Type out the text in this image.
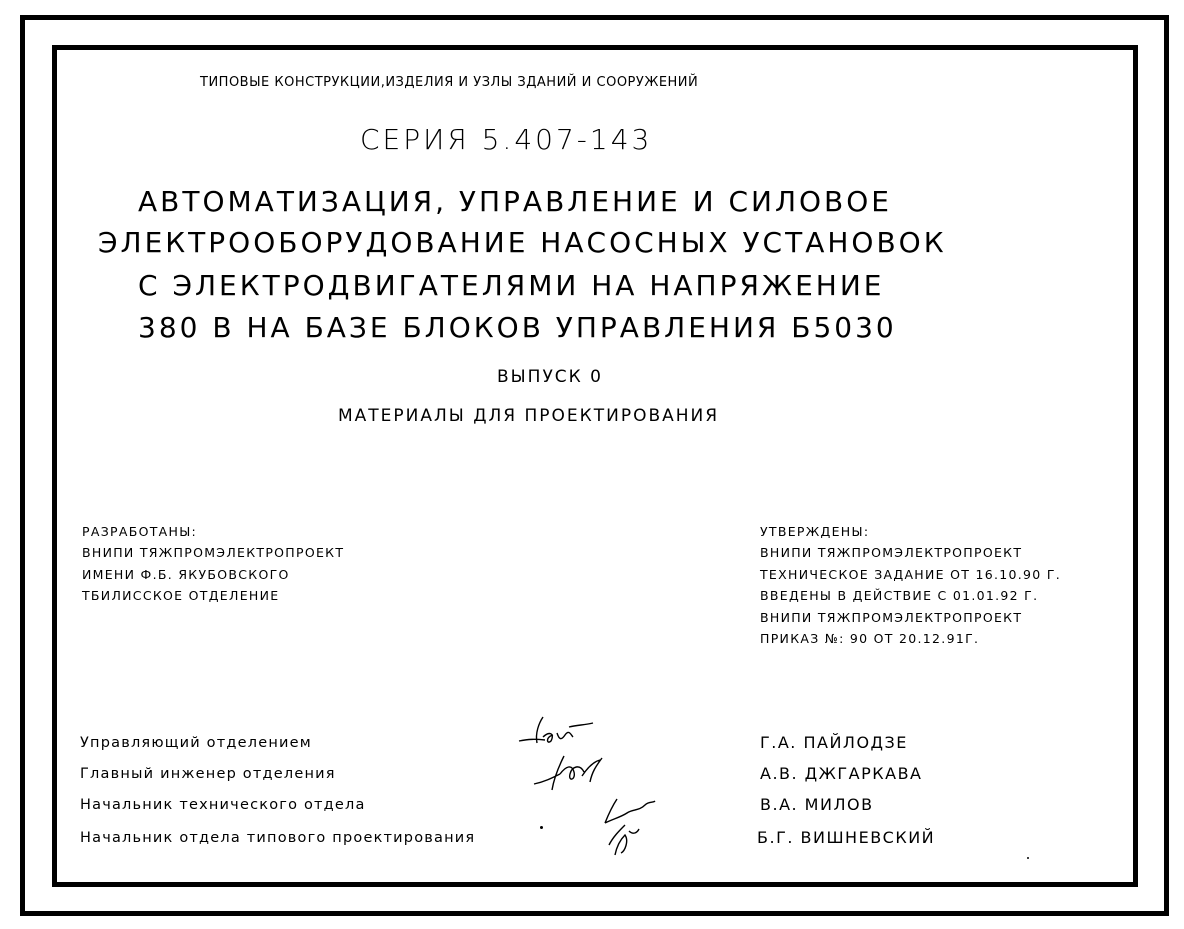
ТИПОВЫЕ КОНСТРУКЦИИ,ИЗДЕЛИЯ И УЗЛЫ ЗДАНИЙ И СООРУЖЕНИЙ
СЕРИЯ 5.407-143
АВТОМАТИЗАЦИЯ, УПРАВЛЕНИЕ И СИЛОВОЕ
ЭЛЕКТРООБОРУДОВАНИЕ НАСОСНЫХ УСТАНОВОК
С ЭЛЕКТРОДВИГАТЕЛЯМИ НА НАПРЯЖЕНИЕ
380 В НА БАЗЕ БЛОКОВ УПРАВЛЕНИЯ Б5030
ВЫПУСК 0
МАТЕРИАЛЫ ДЛЯ ПРОЕКТИРОВАНИЯ
РАЗРАБОТАНЫ:
ВНИПИ ТЯЖПРОМЭЛЕКТРОПРОЕКТ
ИМЕНИ Ф.Б. ЯКУБОВСКОГО
ТБИЛИССКОЕ ОТДЕЛЕНИЕ
УТВЕРЖДЕНЫ:
ВНИПИ ТЯЖПРОМЭЛЕКТРОПРОЕКТ
ТЕХНИЧЕСКОЕ ЗАДАНИЕ ОТ 16.10.90 Г.
ВВЕДЕНЫ В ДЕЙСТВИЕ С 01.01.92 Г.
ВНИПИ ТЯЖПРОМЭЛЕКТРОПРОЕКТ
ПРИКАЗ №: 90 ОТ 20.12.91Г.
Управляющий отделением
Главный инженер отделения
Начальник технического отдела
Начальник отдела типового проектирования
Г.А. ПАЙЛОДЗЕ
А.В. ДЖГАРКАВА
В.А. МИЛОВ
Б.Г. ВИШНЕВСКИЙ
